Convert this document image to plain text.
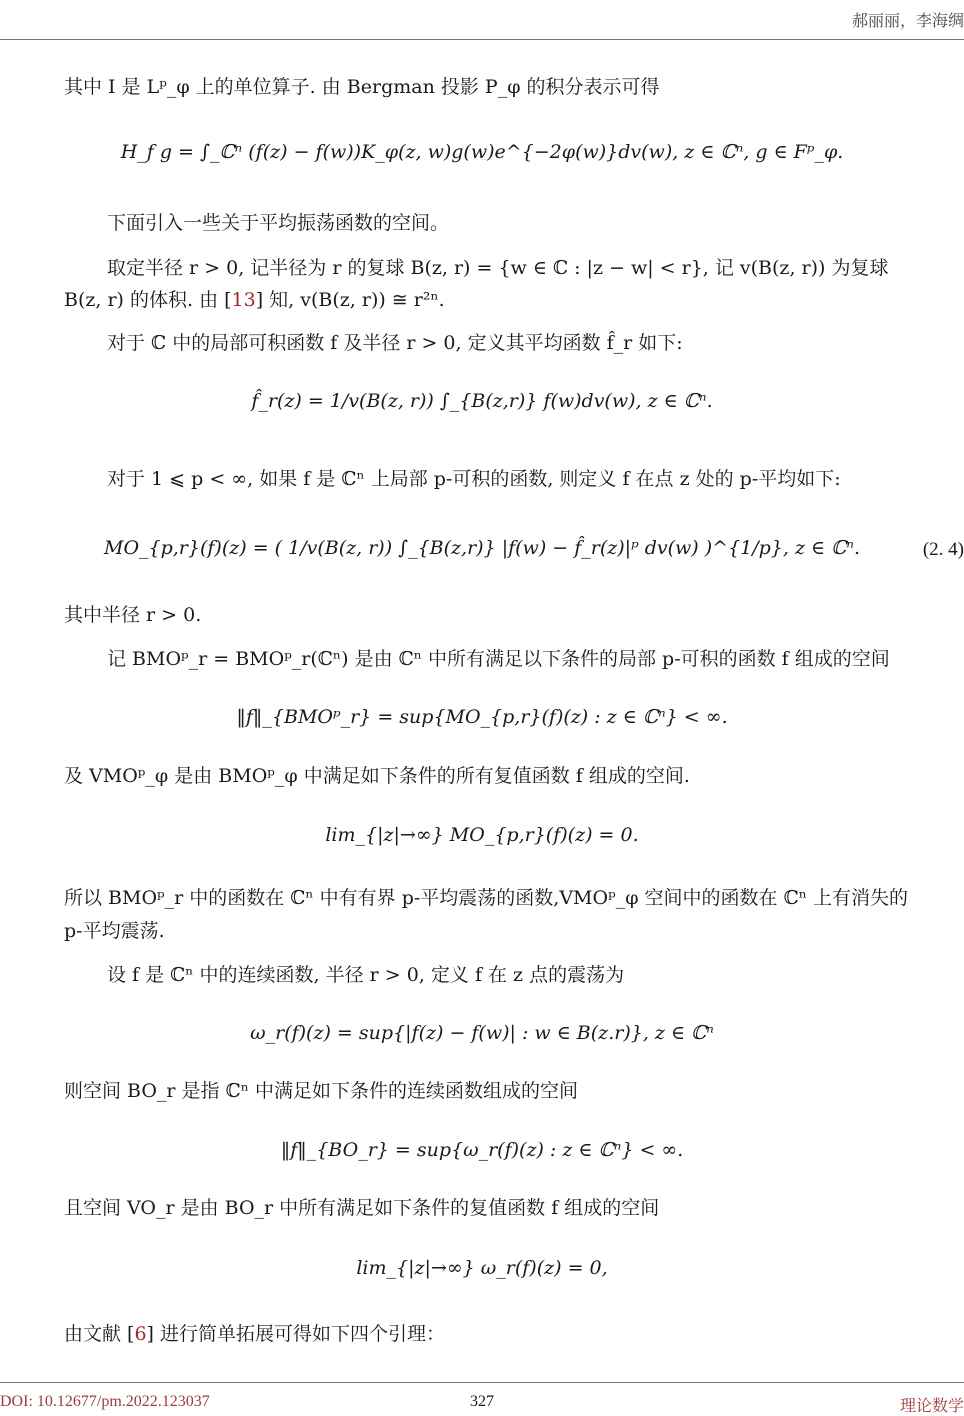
郝丽丽，李海绸
其中 I 是 Lᵖ_φ 上的单位算子. 由 Bergman 投影 P_φ 的积分表示可得
H_f g = ∫_ℂⁿ (f(z) − f(w))K_φ(z, w)g(w)e^{−2φ(w)}dv(w), z ∈ ℂⁿ, g ∈ Fᵖ_φ.
下面引入一些关于平均振荡函数的空间。
取定半径 r > 0, 记半径为 r 的复球 B(z, r) = {w ∈ ℂ : |z − w| < r}, 记 v(B(z, r)) 为复球
B(z, r) 的体积. 由 [13] 知, v(B(z, r)) ≅ r²ⁿ.
对于 ℂ 中的局部可积函数 f 及半径 r > 0, 定义其平均函数 f̂_r 如下:
f̂_r(z) = 1/v(B(z, r)) ∫_{B(z,r)} f(w)dv(w), z ∈ ℂⁿ.
对于 1 ⩽ p < ∞, 如果 f 是 ℂⁿ 上局部 p-可积的函数, 则定义 f 在点 z 处的 p-平均如下:
MO_{p,r}(f)(z) = ( 1/v(B(z, r)) ∫_{B(z,r)} |f(w) − f̂_r(z)|ᵖ dv(w) )^{1/p}, z ∈ ℂⁿ.	(2. 4)
其中半径 r > 0.
记 BMOᵖ_r = BMOᵖ_r(ℂⁿ) 是由 ℂⁿ 中所有满足以下条件的局部 p-可积的函数 f 组成的空间
‖f‖_{BMOᵖ_r} = sup{MO_{p,r}(f)(z) : z ∈ ℂⁿ} < ∞.
及 VMOᵖ_φ 是由 BMOᵖ_φ 中满足如下条件的所有复值函数 f 组成的空间.
lim_{|z|→∞} MO_{p,r}(f)(z) = 0.
所以 BMOᵖ_r 中的函数在 ℂⁿ 中有有界 p-平均震荡的函数,VMOᵖ_φ 空间中的函数在 ℂⁿ 上有消失的
p-平均震荡.
设 f 是 ℂⁿ 中的连续函数, 半径 r > 0, 定义 f 在 z 点的震荡为
ω_r(f)(z) = sup{|f(z) − f(w)| : w ∈ B(z.r)}, z ∈ ℂⁿ
则空间 BO_r 是指 ℂⁿ 中满足如下条件的连续函数组成的空间
‖f‖_{BO_r} = sup{ω_r(f)(z) : z ∈ ℂⁿ} < ∞.
且空间 VO_r 是由 BO_r 中所有满足如下条件的复值函数 f 组成的空间
lim_{|z|→∞} ω_r(f)(z) = 0,
由文献 [6] 进行简单拓展可得如下四个引理：
DOI: 10.12677/pm.2022.123037	327	理论数学
